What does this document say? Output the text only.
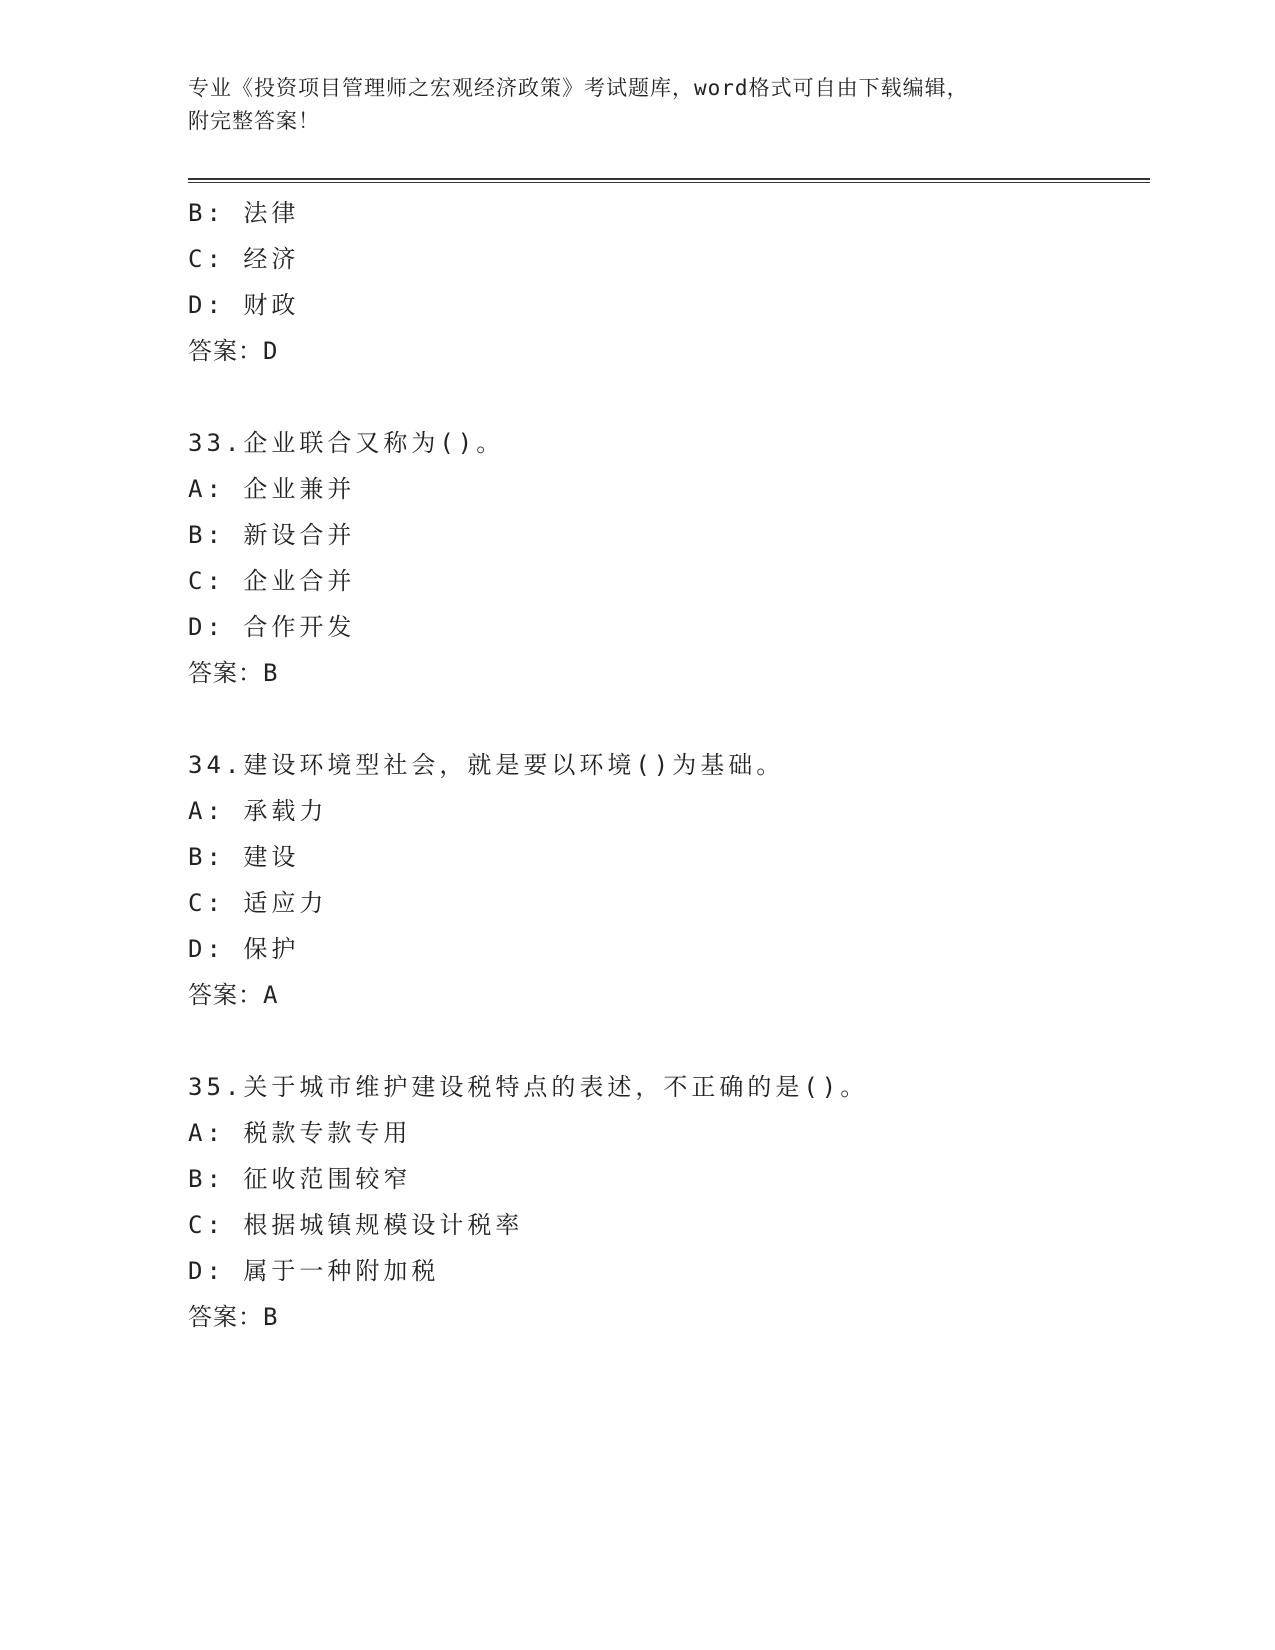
专业《投资项目管理师之宏观经济政策》考试题库，word格式可自由下载编辑，
附完整答案！
B: 法律
C: 经济
D: 财政
答案：D
33.企业联合又称为()。
A: 企业兼并
B: 新设合并
C: 企业合并
D: 合作开发
答案：B
34.建设环境型社会，就是要以环境()为基础。
A: 承载力
B: 建设
C: 适应力
D: 保护
答案：A
35.关于城市维护建设税特点的表述，不正确的是()。
A: 税款专款专用
B: 征收范围较窄
C: 根据城镇规模设计税率
D: 属于一种附加税
答案：B
